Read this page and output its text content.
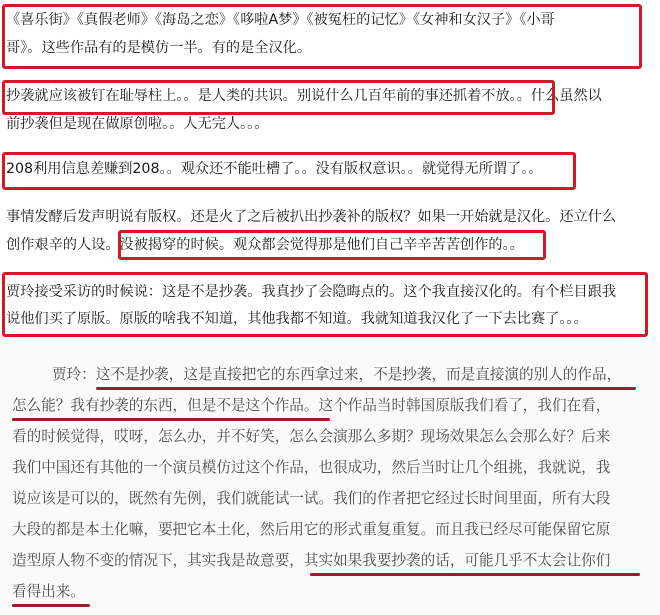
《喜乐街》《真假老师》《海岛之恋》《哆啦A梦》《被冤枉的记忆》《女神和女汉子》《小哥
哥》。这些作品有的是模仿一半。有的是全汉化。
抄袭就应该被钉在耻辱柱上。。是人类的共识。别说什么几百年前的事还抓着不放。。什么虽然以
前抄袭但是现在做原创啦。。人无完人。。。
208利用信息差赚到208。。观众还不能吐槽了。。没有版权意识。。就觉得无所谓了。。
事情发酵后发声明说有版权。还是火了之后被扒出抄袭补的版权？如果一开始就是汉化。还立什么
创作艰辛的人设。没被揭穿的时候。观众都会觉得那是他们自己辛辛苦苦创作的。。
贾玲接受采访的时候说：这是不是抄袭。我真抄了会隐晦点的。这个我直接汉化的。有个栏目跟我
说他们买了原版。原版的啥我不知道，其他我都不知道。我就知道我汉化了一下去比赛了。。。
贾玲：这不是抄袭，这是直接把它的东西拿过来，不是抄袭，而是直接演的别人的作品，
怎么能？我有抄袭的东西，但是不是这个作品。这个作品当时韩国原版我们看了，我们在看，
看的时候觉得，哎呀，怎么办，并不好笑，怎么会演那么多期？现场效果怎么会那么好？后来
我们中国还有其他的一个演员模仿过这个作品，也很成功，然后当时让几个组挑，我就说，我
说应该是可以的，既然有先例，我们就能试一试。我们的作者把它经过长时间里面，所有大段
大段的都是本土化嘛，要把它本土化，然后用它的形式重复重复。而且我已经尽可能保留它原
造型原人物不变的情况下，其实我是故意要，其实如果我要抄袭的话，可能几乎不太会让你们
看得出来。
